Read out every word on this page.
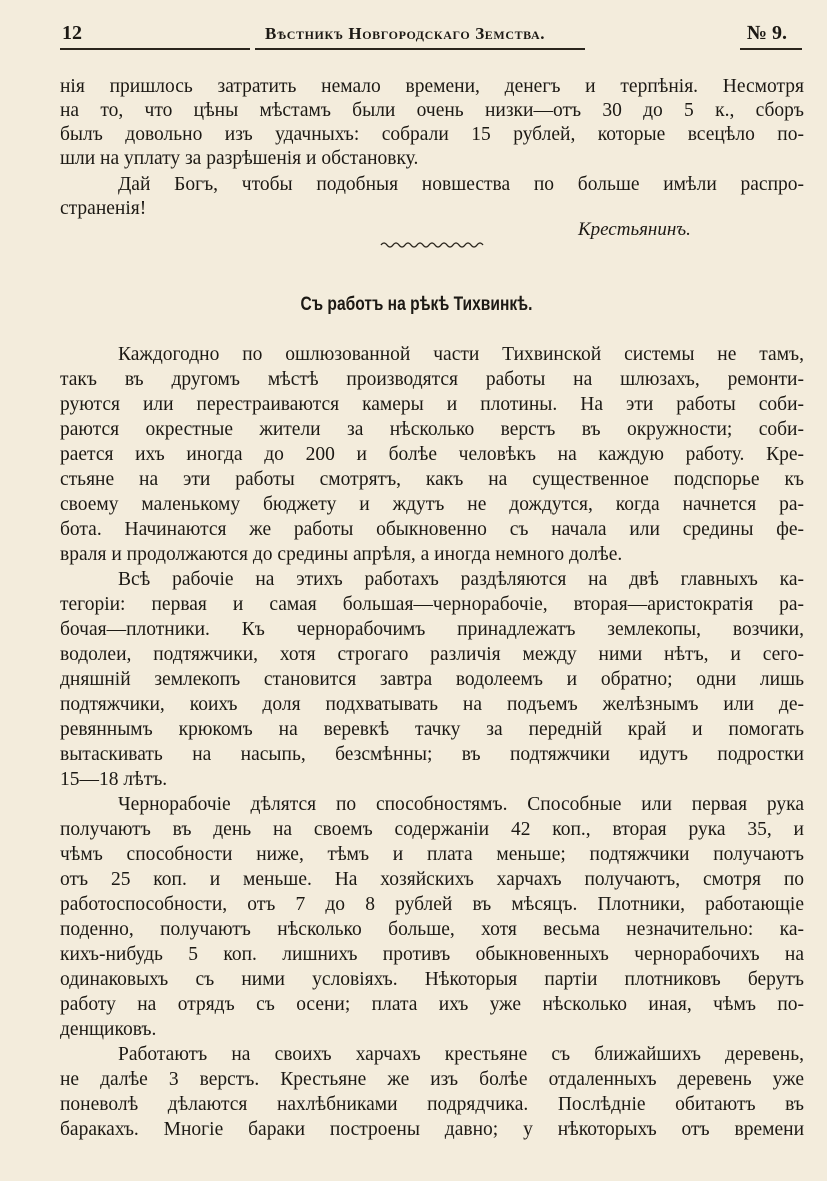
12	Вѣстникъ Новгородскаго Земства.	№ 9.
нія пришлось затратить немало времени, денегъ и терпѣнія. Несмотря
на то, что цѣны мѣстамъ были очень низки—отъ 30 до 5 к., сборъ
былъ довольно изъ удачныхъ: собрали 15 рублей, которые всецѣло по-
шли на уплату за разрѣшенія и обстановку.
Дай Богъ, чтобы подобныя новшества по больше имѣли распро-
страненія!
Крестьянинъ.
Съ работъ на рѣкѣ Тихвинкѣ.
Каждогодно по ошлюзованной части Тихвинской системы не тамъ,
такъ въ другомъ мѣстѣ производятся работы на шлюзахъ, ремонти-
руются или перестраиваются камеры и плотины. На эти работы соби-
раются окрестные жители за нѣсколько верстъ въ окружности; соби-
рается ихъ иногда до 200 и болѣе человѣкъ на каждую работу. Кре-
стьяне на эти работы смотрятъ, какъ на существенное подспорье къ
своему маленькому бюджету и ждутъ не дождутся, когда начнется ра-
бота. Начинаются же работы обыкновенно съ начала или средины фе-
враля и продолжаются до средины апрѣля, а иногда немного долѣе.
Всѣ рабочіе на этихъ работахъ раздѣляются на двѣ главныхъ ка-
тегоріи: первая и самая большая—чернорабочіе, вторая—аристократія ра-
бочая—плотники. Къ чернорабочимъ принадлежатъ землекопы, возчики,
водолеи, подтяжчики, хотя строгаго различія между ними нѣтъ, и сего-
дняшній землекопъ становится завтра водолеемъ и обратно; одни лишь
подтяжчики, коихъ доля подхватывать на подъемъ желѣзнымъ или де-
ревяннымъ крюкомъ на веревкѣ тачку за передній край и помогать
вытаскивать на насыпь, безсмѣнны; въ подтяжчики идутъ подростки
15—18 лѣтъ.
Чернорабочіе дѣлятся по способностямъ. Способные или первая рука
получаютъ въ день на своемъ содержаніи 42 коп., вторая рука 35, и
чѣмъ способности ниже, тѣмъ и плата меньше; подтяжчики получаютъ
отъ 25 коп. и меньше. На хозяйскихъ харчахъ получаютъ, смотря по
работоспособности, отъ 7 до 8 рублей въ мѣсяцъ. Плотники, работающіе
поденно, получаютъ нѣсколько больше, хотя весьма незначительно: ка-
кихъ-нибудь 5 коп. лишнихъ противъ обыкновенныхъ чернорабочихъ на
одинаковыхъ съ ними условіяхъ. Нѣкоторыя партіи плотниковъ берутъ
работу на отрядъ съ осени; плата ихъ уже нѣсколько иная, чѣмъ по-
денщиковъ.
Работаютъ на своихъ харчахъ крестьяне съ ближайшихъ деревень,
не далѣе 3 верстъ. Крестьяне же изъ болѣе отдаленныхъ деревень уже
поневолѣ дѣлаются нахлѣбниками подрядчика. Послѣдніе обитаютъ въ
баракахъ. Многіе бараки построены давно; у нѣкоторыхъ отъ времени
